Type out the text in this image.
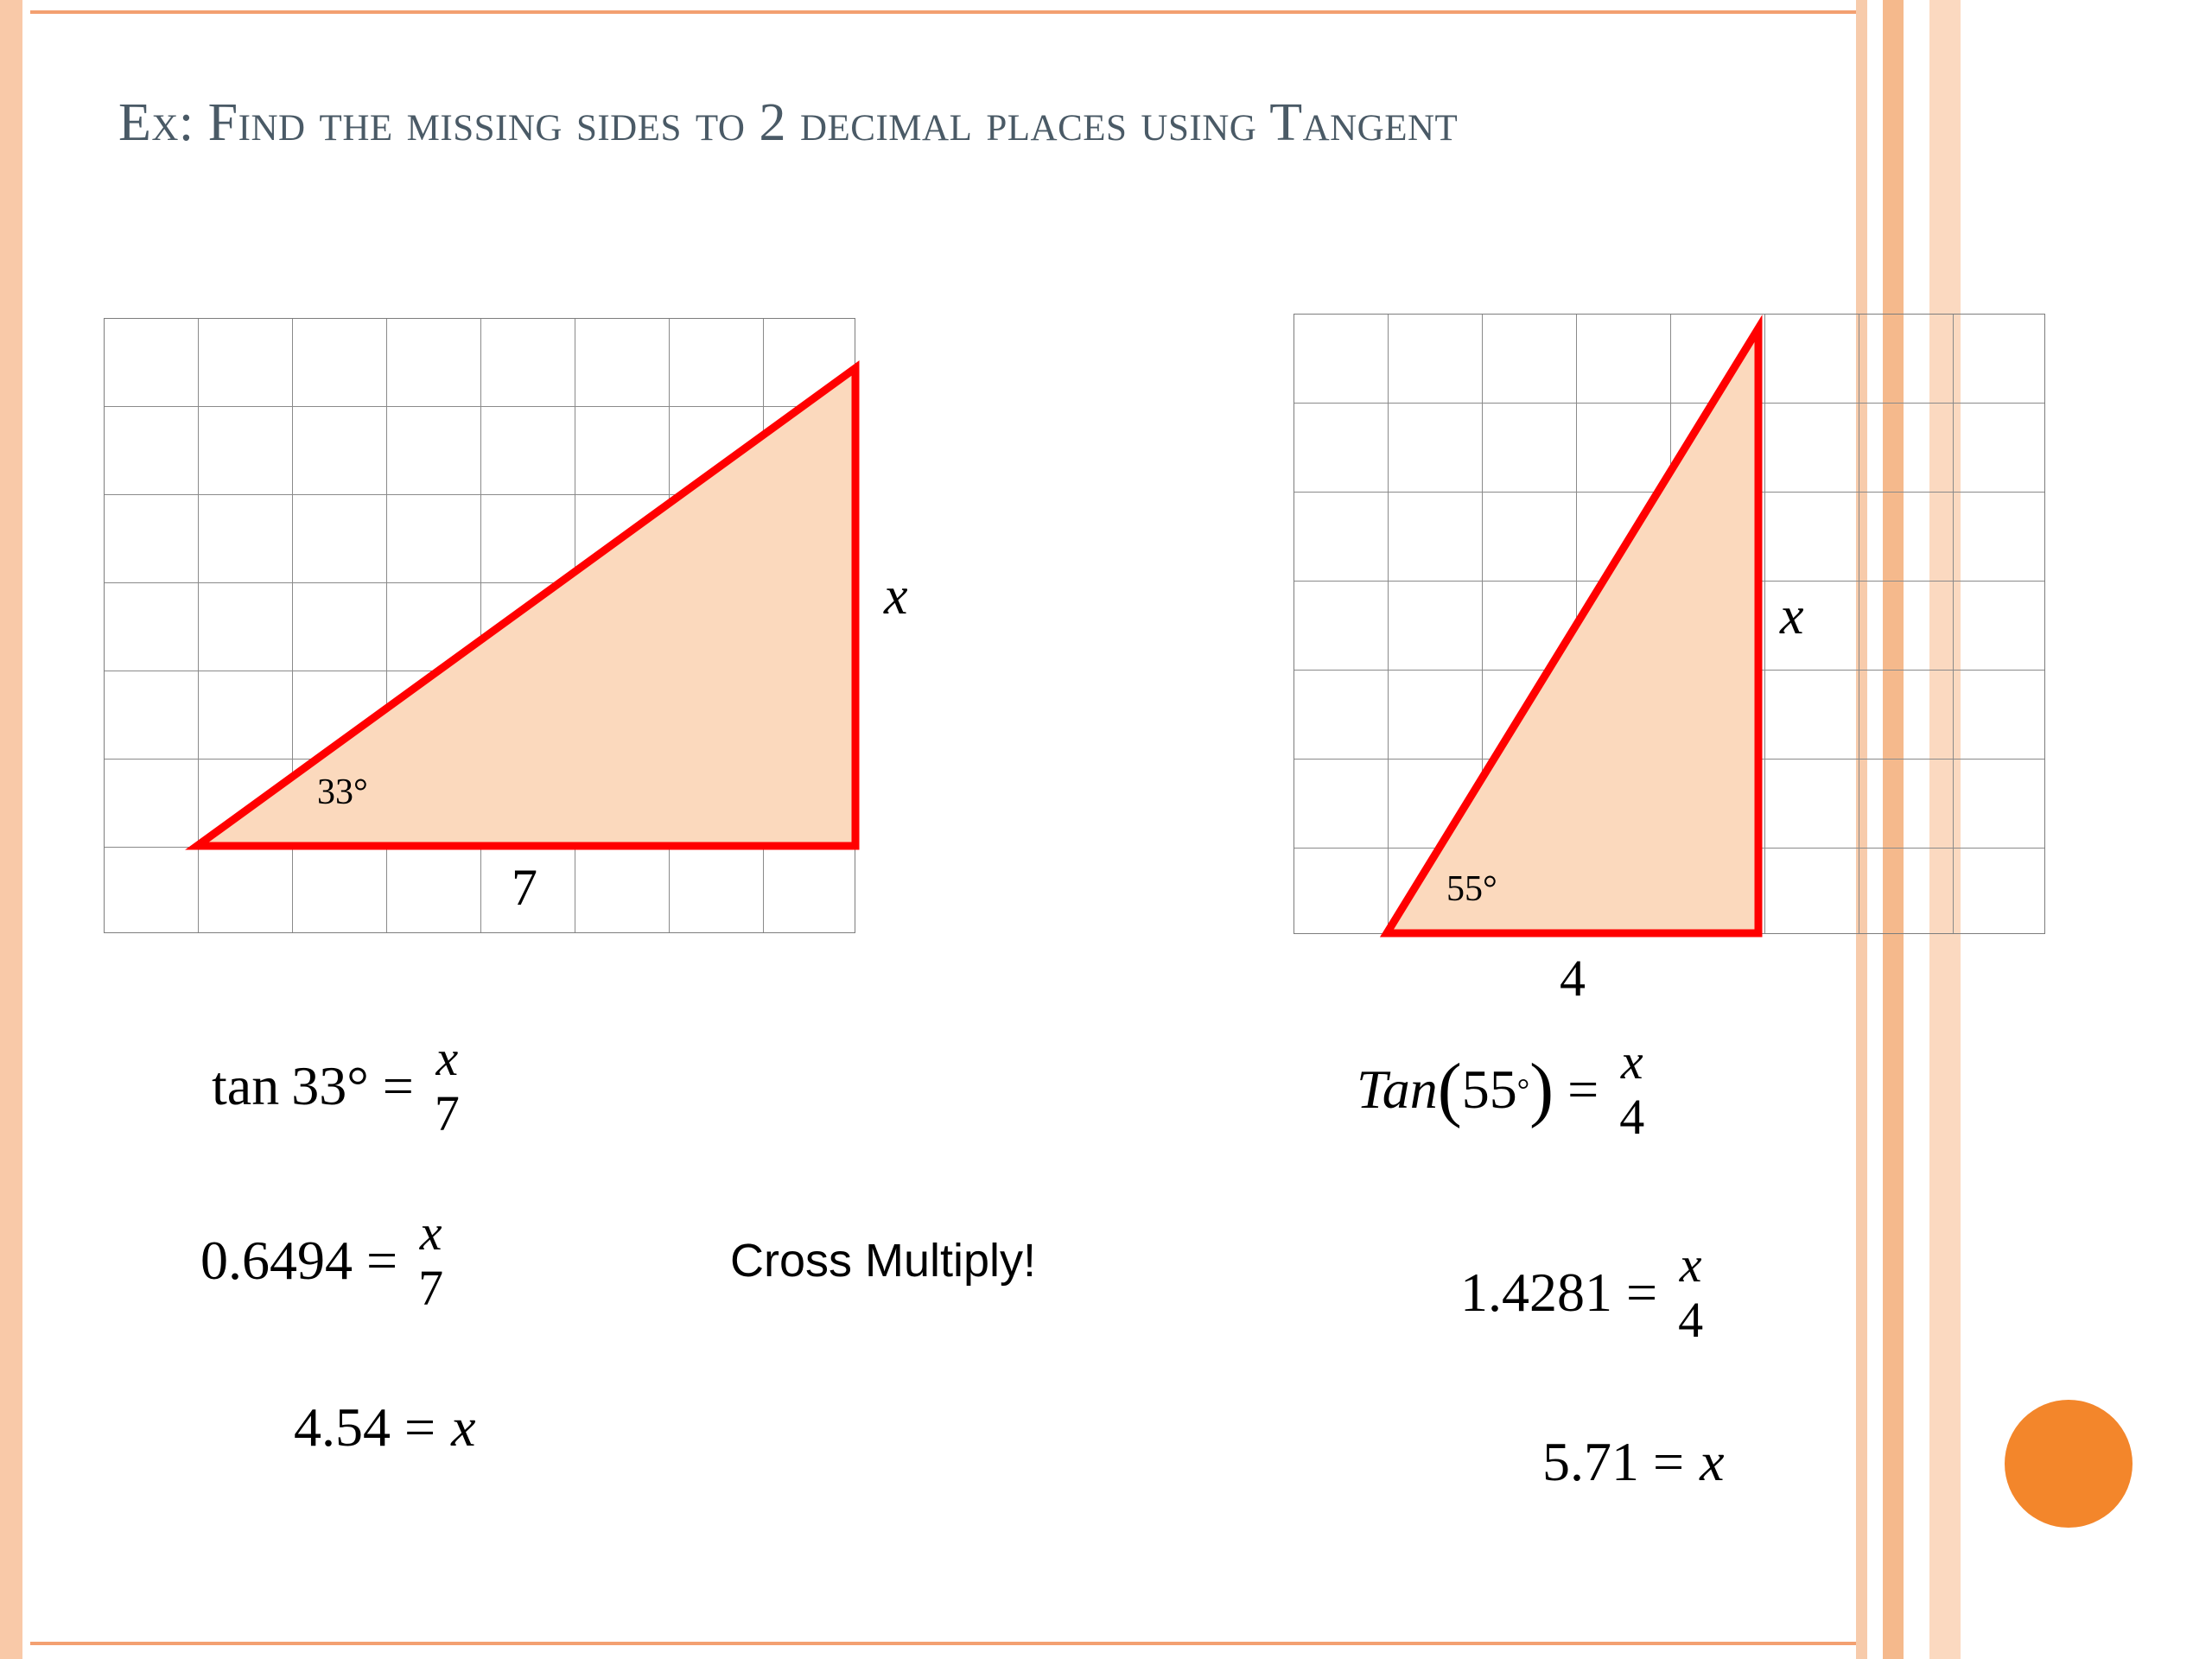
Ex: Find the missing sides to 2 decimal places using Tangent
33°
7
x
55°
4
x
tan 33° = x
7
0.6494 = x
7
4.54 = x
Cross Multiply!
Tan ( 55 ° ) = x
4
1.4281 = x
4
5.71 = x
